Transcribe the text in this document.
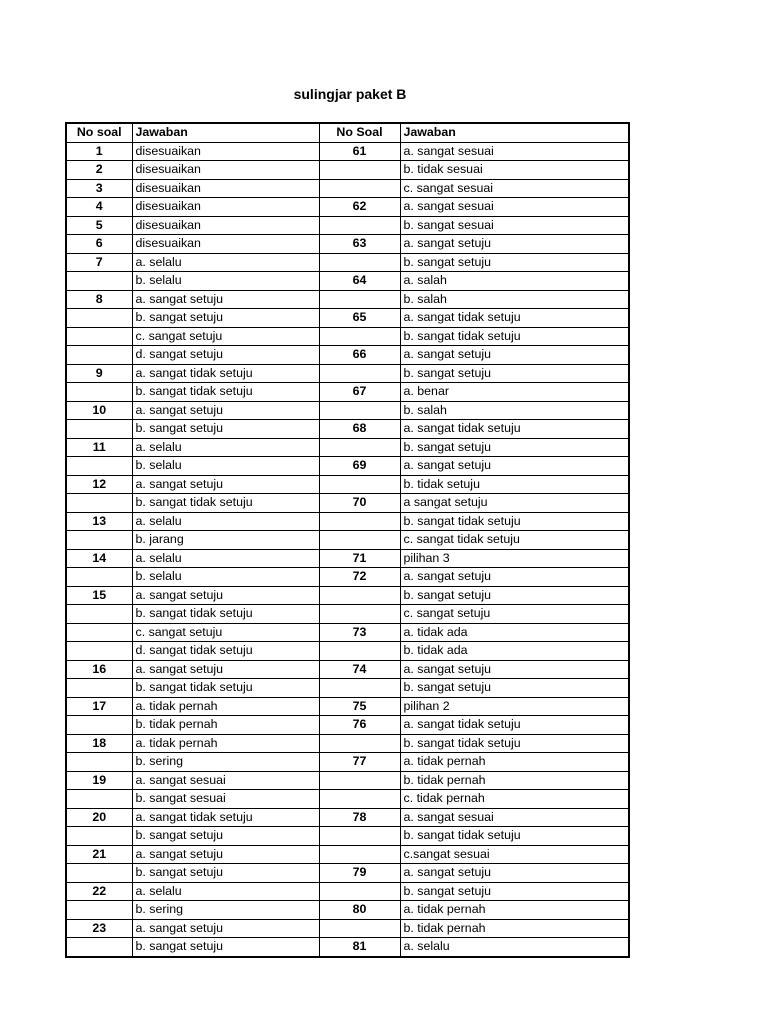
sulingjar paket B
No soal	Jawaban	No Soal	Jawaban
1	disesuaikan	61	a. sangat sesuai
2	disesuaikan		b. tidak sesuai
3	disesuaikan		c. sangat sesuai
4	disesuaikan	62	a. sangat sesuai
5	disesuaikan		b. sangat sesuai
6	disesuaikan	63	a. sangat setuju
7	a. selalu		b. sangat setuju
	b. selalu	64	a. salah
8	a. sangat setuju		b. salah
	b. sangat setuju	65	a. sangat tidak setuju
	c. sangat setuju		b. sangat tidak setuju
	d. sangat setuju	66	a. sangat setuju
9	a. sangat tidak setuju		b. sangat setuju
	b. sangat tidak setuju	67	a. benar
10	a. sangat setuju		b. salah
	b. sangat setuju	68	a. sangat tidak setuju
11	a. selalu		b. sangat setuju
	b. selalu	69	a. sangat setuju
12	a. sangat setuju		b. tidak setuju
	b. sangat tidak setuju	70	a sangat setuju
13	a. selalu		b. sangat tidak setuju
	b. jarang		c. sangat tidak setuju
14	a. selalu	71	pilihan 3
	b. selalu	72	a. sangat setuju
15	a. sangat setuju		b. sangat setuju
	b. sangat tidak setuju		c. sangat setuju
	c. sangat setuju	73	a. tidak ada
	d. sangat tidak setuju		b. tidak ada
16	a. sangat setuju	74	a. sangat setuju
	b. sangat tidak setuju		b. sangat setuju
17	a. tidak pernah	75	pilihan 2
	b. tidak pernah	76	a. sangat tidak setuju
18	a. tidak pernah		b. sangat tidak setuju
	b. sering	77	a. tidak pernah
19	a. sangat sesuai		b. tidak pernah
	b. sangat sesuai		c. tidak pernah
20	a. sangat tidak setuju	78	a. sangat sesuai
	b. sangat setuju		b. sangat tidak setuju
21	a. sangat setuju		c.sangat sesuai
	b. sangat setuju	79	a. sangat setuju
22	a. selalu		b. sangat setuju
	b. sering	80	a. tidak pernah
23	a. sangat setuju		b. tidak pernah
	b. sangat setuju	81	a. selalu
